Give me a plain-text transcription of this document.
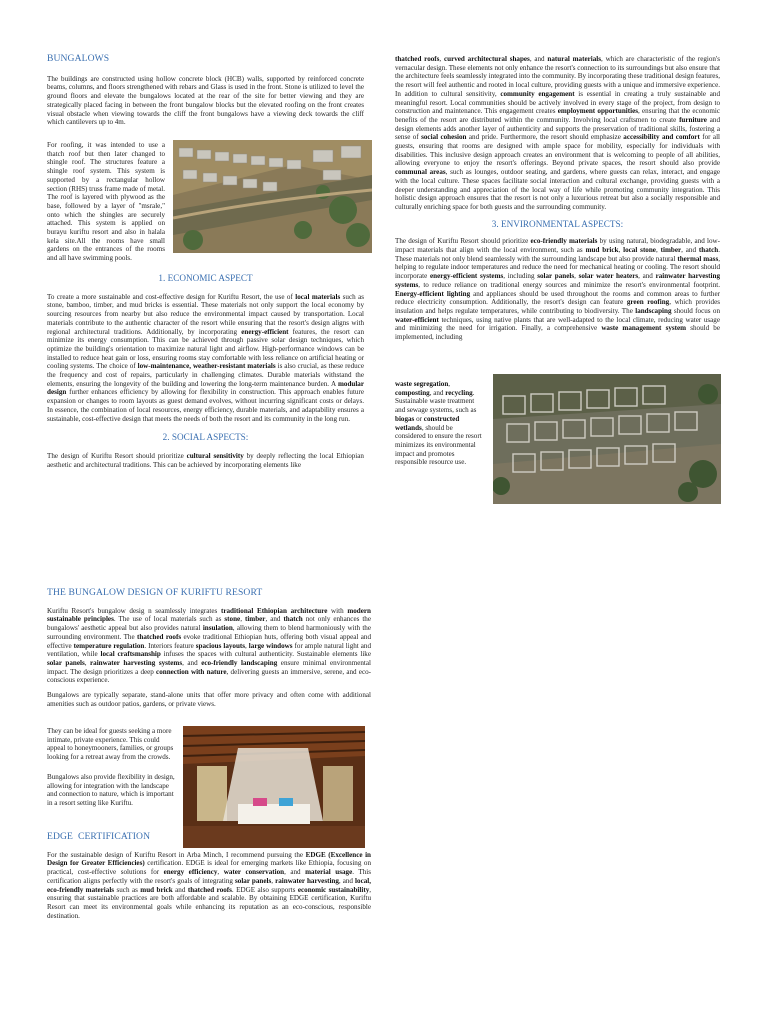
BUNGALOWS

The buildings are constructed using hollow concrete block (HCB) walls, supported by reinforced concrete beams, columns, and floors strengthened with rebars and Glass is used in the front. Stone is utilized to level the ground floors and elevate the bungalows located at the rear of the site for better viewing and they are strategically placed facing in between the front bungalow blocks but the elevated roofing on the front creates visual obstacle when viewing towards the cliff the front bungalows have a viewing deck towards the cliff which cantilevers up to 4m.

For roofing, it was intended to use a thatch roof but then later changed to shingle roof. The structures feature a shingle roof system. This system is supported by a rectangular hollow section (RHS) truss frame made of metal. The roof is layered with plywood as the base, followed by a layer of "msrale," onto which the shingles are securely attached. This system is applied on burayu kuriftu resort and also in halala kela site.All the rooms have small gardens on the entrances of the rooms and all have swimming pools.

1. ECONOMIC ASPECT

To create a more sustainable and cost-effective design for Kuriftu Resort, the use of local materials such as stone, bamboo, timber, and mud bricks is essential. These materials not only support the local economy by sourcing resources from nearby but also reduce the environmental impact caused by transportation. Local materials contribute to the authentic character of the resort while ensuring that the resort's design aligns with regional architectural traditions. Additionally, by incorporating energy-efficient features, the resort can minimize its energy consumption. This can be achieved through passive solar design techniques, which optimize the building's orientation to maximize natural light and airflow. High-performance windows can be installed to reduce heat gain or loss, ensuring rooms stay comfortable with less reliance on artificial heating or cooling systems. The choice of low-maintenance, weather-resistant materials is also crucial, as these reduce the frequency and cost of repairs, particularly in challenging climates. Durable materials withstand the elements, ensuring the longevity of the building and lowering the long-term maintenance burden. A modular design further enhances efficiency by allowing for flexibility in construction. This approach enables future expansion or changes to room layouts as guest demand evolves, without incurring significant costs or delays. In essence, the combination of local resources, energy efficiency, durable materials, and adaptability ensures a sustainable, cost-effective design that meets the needs of both the resort and its community in the long run.

2. SOCIAL ASPECTS:

The design of Kuriftu Resort should prioritize cultural sensitivity by deeply reflecting the local Ethiopian aesthetic and architectural traditions. This can be achieved by incorporating elements like

thatched roofs, curved architectural shapes, and natural materials, which are characteristic of the region's vernacular design. These elements not only enhance the resort's connection to its surroundings but also ensure that the architecture feels seamlessly integrated into the community. By incorporating these traditional design features, the resort will feel authentic and rooted in local culture, providing guests with a unique and immersive experience. In addition to cultural sensitivity, community engagement is essential in creating a truly sustainable and meaningful resort. Local communities should be actively involved in every stage of the project, from design to construction and maintenance. This engagement creates employment opportunities, ensuring that the economic benefits of the resort are distributed within the community. Involving local craftsmen to create furniture and design elements adds another layer of authenticity and supports the preservation of traditional skills, fostering a sense of social cohesion and pride. Furthermore, the resort should emphasize accessibility and comfort for all guests, ensuring that rooms are designed with ample space for mobility, especially for individuals with disabilities. This inclusive design approach creates an environment that is welcoming to people of all abilities, allowing everyone to enjoy the resort's offerings. Beyond private spaces, the resort should also provide communal areas, such as lounges, outdoor seating, and gardens, where guests can relax, interact, and engage with the local culture. These spaces facilitate social interaction and cultural exchange, providing guests with a deeper understanding and appreciation of the local way of life while promoting community integration. This holistic design approach ensures that the resort is not only a luxurious retreat but also a socially responsible and culturally enriching space for both guests and the surrounding community.

3. ENVIRONMENTAL ASPECTS:

The design of Kuriftu Resort should prioritize eco-friendly materials by using natural, biodegradable, and low-impact materials that align with the local environment, such as mud brick, local stone, timber, and thatch. These materials not only blend seamlessly with the surrounding landscape but also provide natural thermal mass, helping to regulate indoor temperatures and reduce the need for mechanical heating or cooling. The resort should incorporate energy-efficient systems, including solar panels, solar water heaters, and rainwater harvesting systems, to reduce reliance on traditional energy sources and minimize the resort's environmental footprint. Energy-efficient lighting and appliances should be used throughout the rooms and common areas to further reduce electricity consumption. Additionally, the resort's design can feature green roofing, which provides insulation and helps regulate temperatures, while contributing to biodiversity. The landscaping should focus on water-efficient techniques, using native plants that are well-adapted to the local climate, reducing water usage and minimizing the need for irrigation. Finally, a comprehensive waste management system should be implemented, including

waste segregation, composting, and recycling. Sustainable waste treatment and sewage systems, such as biogas or constructed wetlands, should be considered to ensure the resort minimizes its environmental impact and promotes responsible resource use.

THE BUNGALOW DESIGN OF KURIFTU RESORT

Kuriftu Resort's bungalow desig n seamlessly integrates traditional Ethiopian architecture with modern sustainable principles. The use of local materials such as stone, timber, and thatch not only enhances the bungalows' aesthetic appeal but also provides natural insulation, allowing them to blend harmoniously with the surrounding environment. The thatched roofs evoke traditional Ethiopian huts, offering both visual appeal and effective temperature regulation. Interiors feature spacious layouts, large windows for ample natural light and ventilation, while local craftsmanship infuses the spaces with cultural authenticity. Sustainable elements like solar panels, rainwater harvesting systems, and eco-friendly landscaping ensure minimal environmental impact. The design prioritizes a deep connection with nature, delivering guests an immersive, serene, and eco-conscious experience.

Bungalows are typically separate, stand-alone units that offer more privacy and often come with additional amenities such as outdoor patios, gardens, or private views.

They can be ideal for guests seeking a more intimate, private experience. This could appeal to honeymooners, families, or groups looking for a retreat away from the crowds.

Bungalows also provide flexibility in design, allowing for integration with the landscape and connection to nature, which is important in a resort setting like Kuriftu.

EDGE  CERTIFICATION

For the sustainable design of Kuriftu Resort in Arba Minch, I recommend pursuing the EDGE (Excellence in Design for Greater Efficiencies) certification. EDGE is ideal for emerging markets like Ethiopia, focusing on practical, cost-effective solutions for energy efficiency, water conservation, and material usage. This certification aligns perfectly with the resort's goals of integrating solar panels, rainwater harvesting, and local, eco-friendly materials such as mud brick and thatched roofs. EDGE also supports economic sustainability, ensuring that sustainable practices are both affordable and scalable. By obtaining EDGE certification, Kuriftu Resort can meet its environmental goals while enhancing its reputation as an eco-conscious, responsible destination.
